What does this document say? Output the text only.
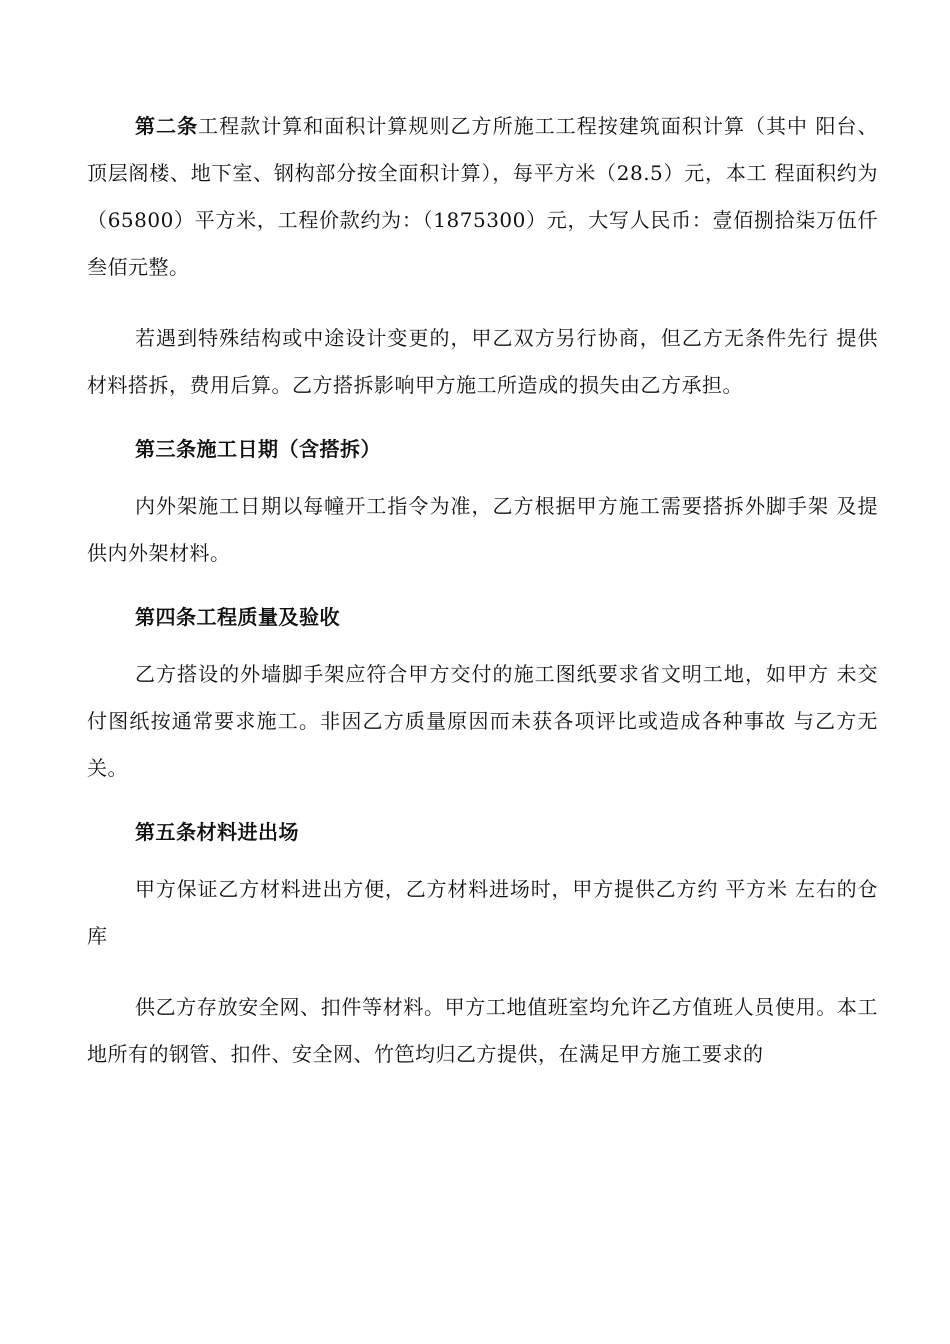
第二条工程款计算和面积计算规则乙方所施工工程按建筑面积计算（其中 阳台、顶层阁楼、地下室、钢构部分按全面积计算），每平方米（28.5）元，本工 程面积约为（65800）平方米，工程价款约为：（1875300）元，大写人民币：壹佰捌拾柒万伍仟叁佰元整。

若遇到特殊结构或中途设计变更的，甲乙双方另行协商，但乙方无条件先行 提供材料搭拆，费用后算。乙方搭拆影响甲方施工所造成的损失由乙方承担。

第三条施工日期（含搭拆）

内外架施工日期以每幢开工指令为准，乙方根据甲方施工需要搭拆外脚手架 及提供内外架材料。

第四条工程质量及验收

乙方搭设的外墙脚手架应符合甲方交付的施工图纸要求省文明工地，如甲方 未交付图纸按通常要求施工。非因乙方质量原因而未获各项评比或造成各种事故 与乙方无关。

第五条材料进出场

甲方保证乙方材料进出方便，乙方材料进场时，甲方提供乙方约 平方米 左右的仓库

供乙方存放安全网、扣件等材料。甲方工地值班室均允许乙方值班人员使用。本工地所有的钢管、扣件、安全网、竹笆均归乙方提供，在满足甲方施工要求的
